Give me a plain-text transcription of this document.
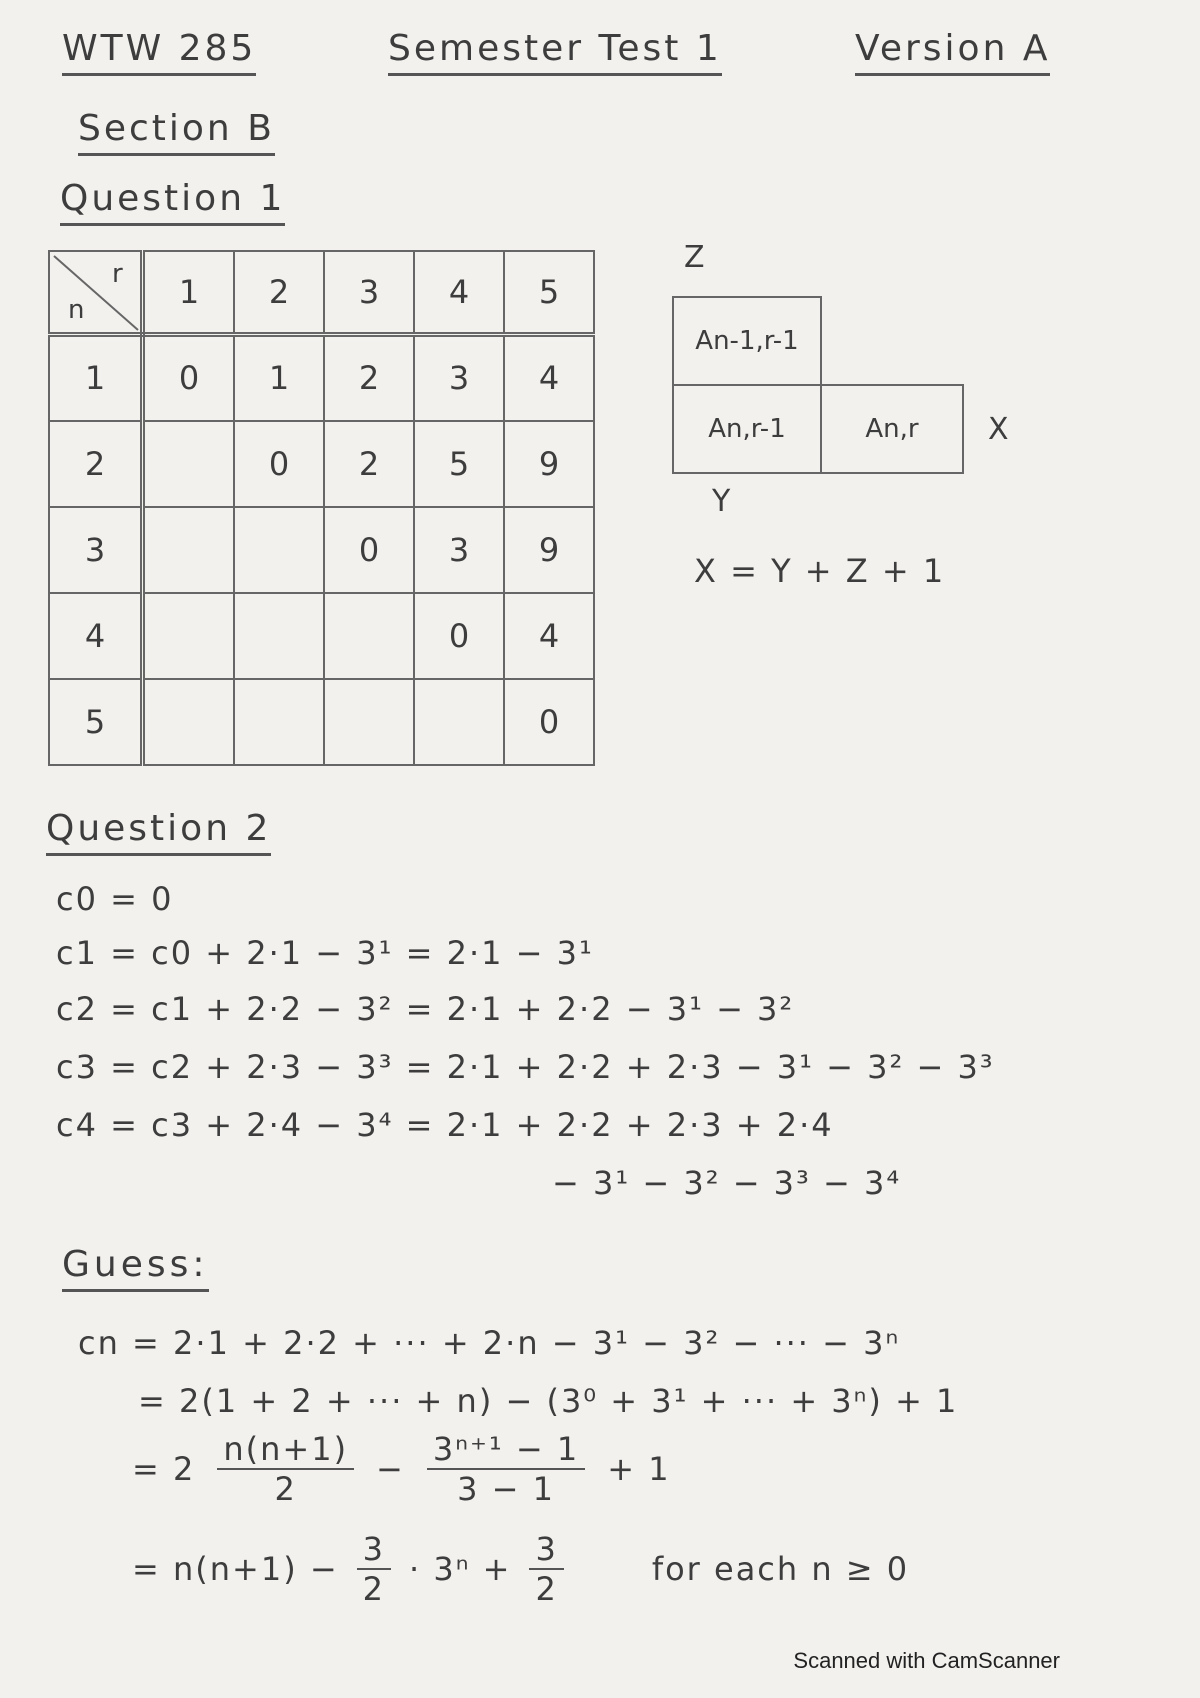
WTW 285	Semester Test 1	Version A
Section B
Question 1
n
r	1	2	3	4	5
1	0	1	2	3	4
2		0	2	5	9
3			0	3	9
4				0	4
5					0
Z
An-1,r-1
An,r-1	An,r	X
Y
X = Y + Z + 1
Question 2
c0 = 0
c1 = c0 + 2·1 − 3¹ = 2·1 − 3¹
c2 = c1 + 2·2 − 3² = 2·1 + 2·2 − 3¹ − 3²
c3 = c2 + 2·3 − 3³ = 2·1 + 2·2 + 2·3 − 3¹ − 3² − 3³
c4 = c3 + 2·4 − 3⁴ = 2·1 + 2·2 + 2·3 + 2·4
− 3¹ − 3² − 3³ − 3⁴
Guess:
cn = 2·1 + 2·2 + ··· + 2·n − 3¹ − 3² − ··· − 3ⁿ
= 2(1 + 2 + ··· + n) − (3⁰ + 3¹ + ··· + 3ⁿ) + 1
= $2 \frac{n(n+1)}{2} - \frac{\text{3ⁿ⁺¹ − 1}}{3 - 1} + 1$
= $n(n+1) - \frac{3}{2} \cdot 3^n + \frac{3}{2}$	for each n ≥ 0
Scanned with CamScanner
